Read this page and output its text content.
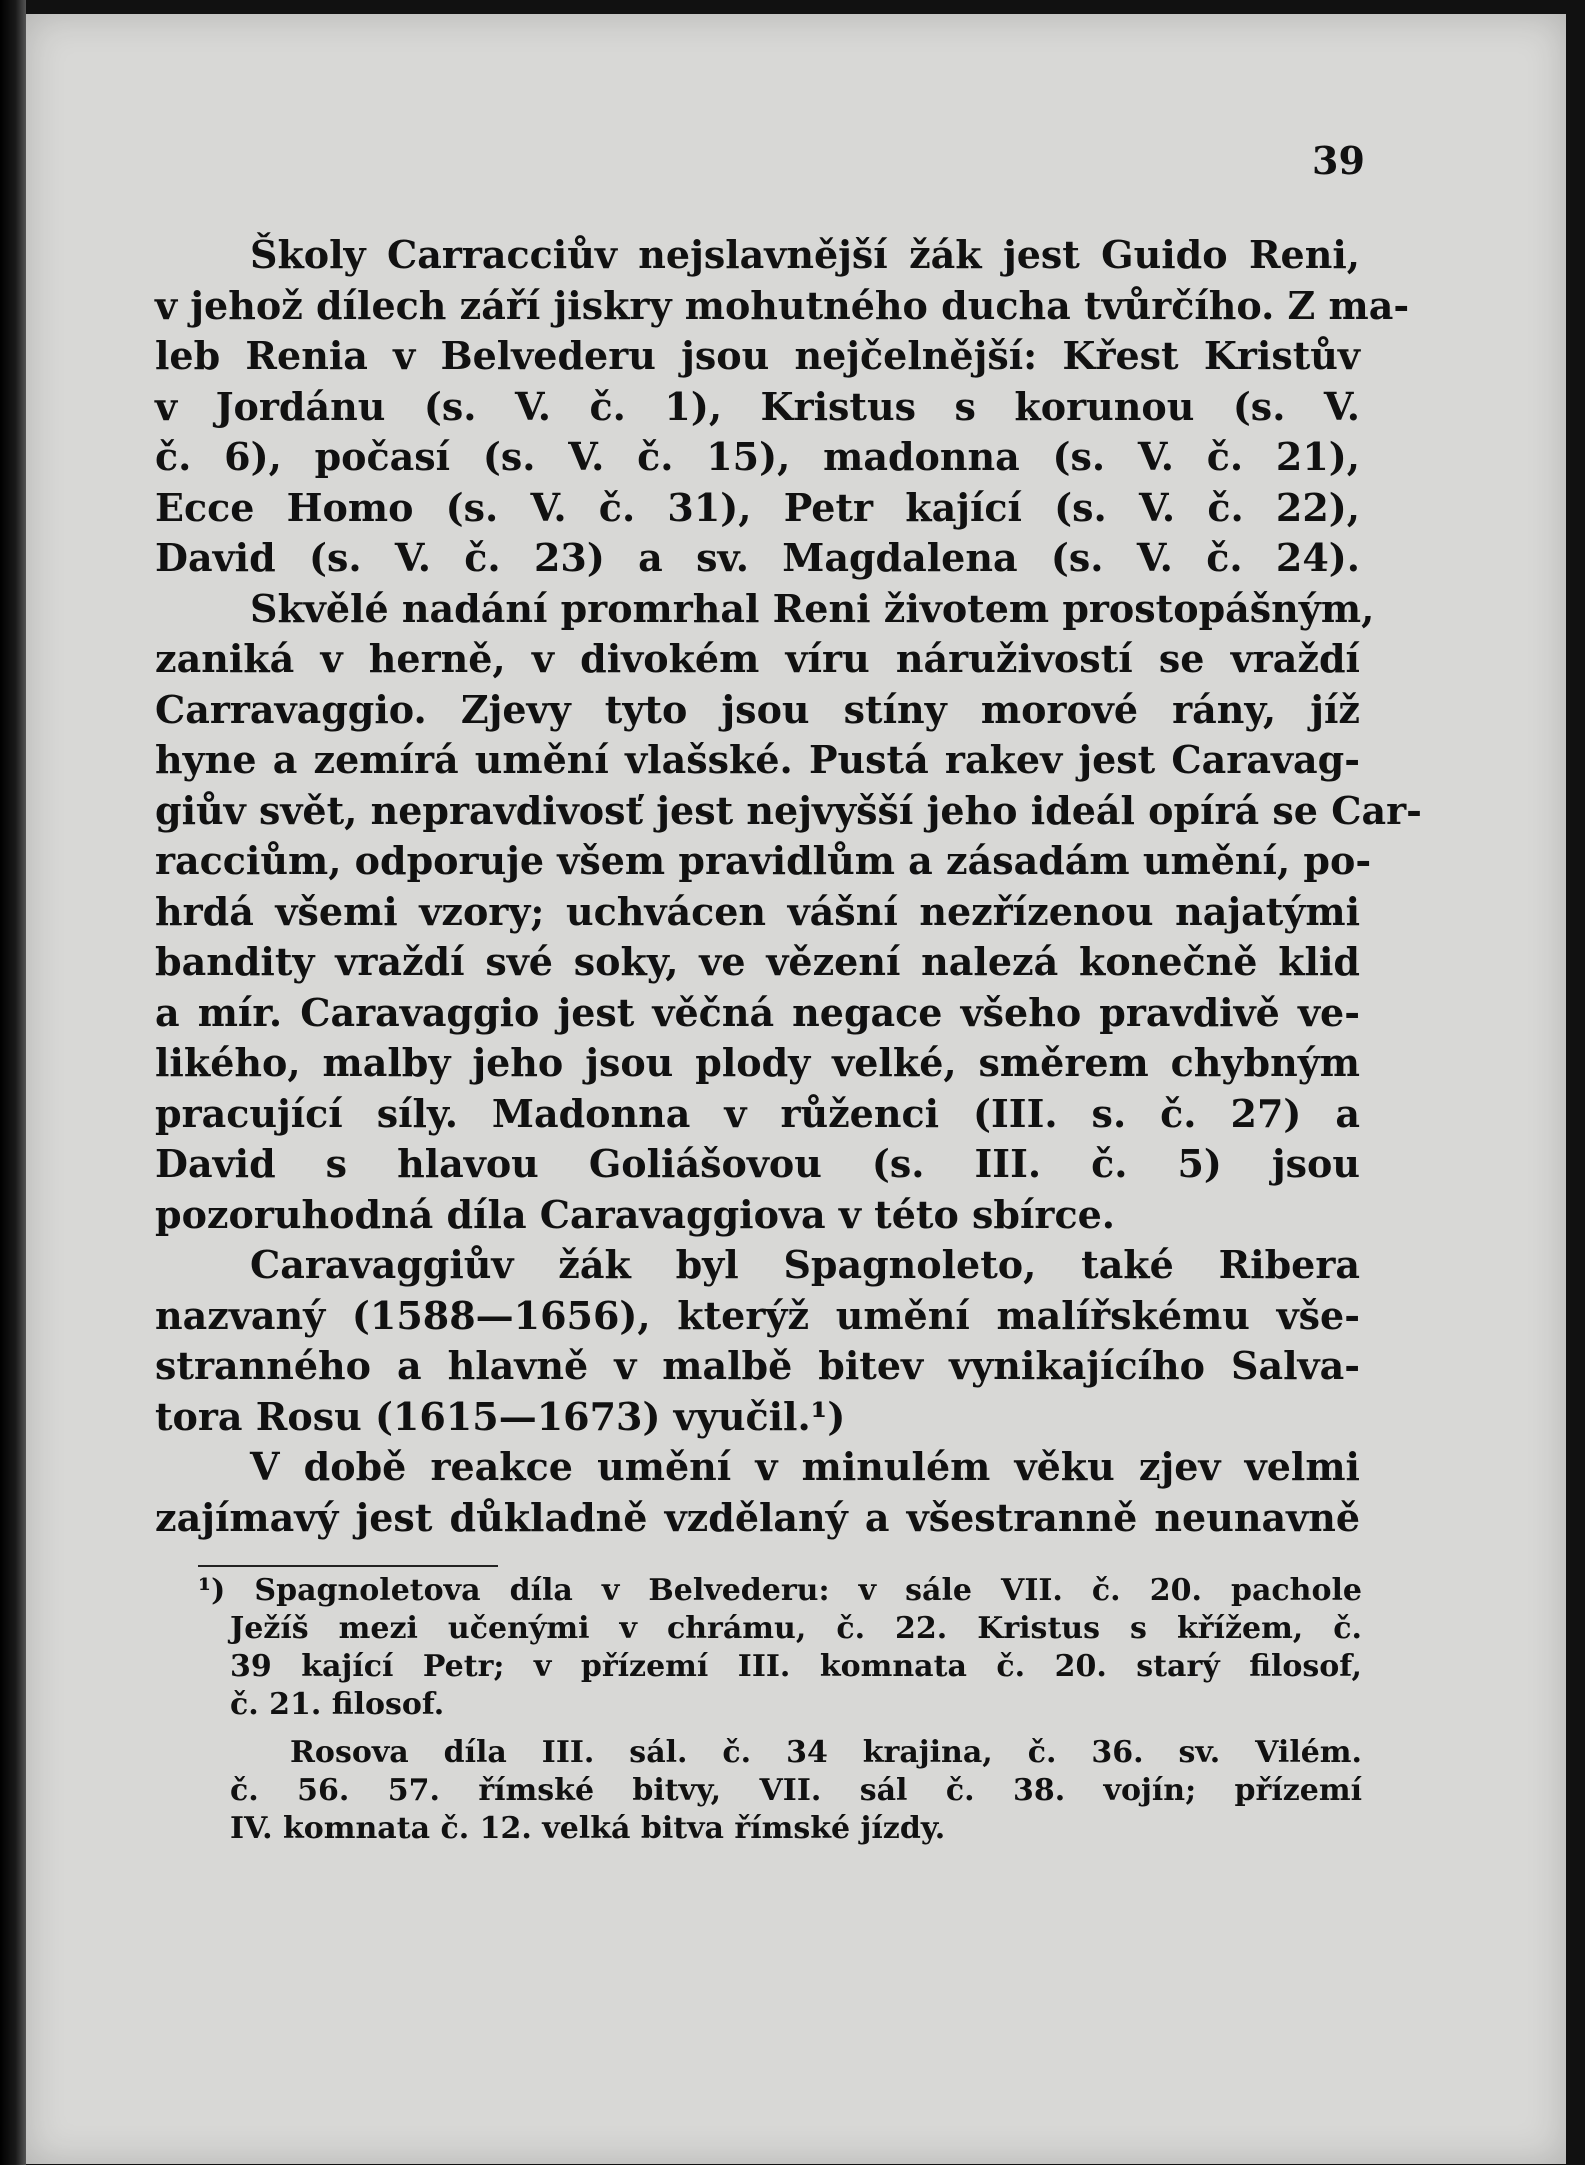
39
Školy Carracciův nejslavnější žák jest Guido Reni,
v jehož dílech září jiskry mohutného ducha tvůrčího. Z ma-
leb Renia v Belvederu jsou nejčelnější: Křest Kristův
v Jordánu (s. V. č. 1), Kristus s korunou (s. V.
č. 6), počasí (s. V. č. 15), madonna (s. V. č. 21),
Ecce Homo (s. V. č. 31), Petr kající (s. V. č. 22),
David (s. V. č. 23) a sv. Magdalena (s. V. č. 24).
Skvělé nadání promrhal Reni životem prostopášným,
zaniká v herně, v divokém víru náruživostí se vraždí
Carravaggio. Zjevy tyto jsou stíny morové rány, jíž
hyne a zemírá umění vlašské. Pustá rakev jest Caravag-
giův svět, nepravdivosť jest nejvyšší jeho ideál opírá se Car-
racciům, odporuje všem pravidlům a zásadám umění, po-
hrdá všemi vzory; uchvácen vášní nezřízenou najatými
bandity vraždí své soky, ve vězení nalezá konečně klid
a mír. Caravaggio jest věčná negace všeho pravdivě ve-
likého, malby jeho jsou plody velké, směrem chybným
pracující síly. Madonna v růženci (III. s. č. 27) a
David s hlavou Goliášovou (s. III. č. 5) jsou
pozoruhodná díla Caravaggiova v této sbírce.
Caravaggiův žák byl Spagnoleto, také Ribera
nazvaný (1588—1656), kterýž umění malířskému vše-
stranného a hlavně v malbě bitev vynikajícího Salva-
tora Rosu (1615—1673) vyučil.¹)
V době reakce umění v minulém věku zjev velmi
zajímavý jest důkladně vzdělaný a všestranně neunavně
¹) Spagnoletova díla v Belvederu: v sále VII. č. 20. pachole
Ježíš mezi učenými v chrámu, č. 22. Kristus s křížem, č.
39 kající Petr; v přízemí III. komnata č. 20. starý filosof,
č. 21. filosof.
Rosova díla III. sál. č. 34 krajina, č. 36. sv. Vilém.
č. 56. 57. římské bitvy, VII. sál č. 38. vojín; přízemí
IV. komnata č. 12. velká bitva římské jízdy.
